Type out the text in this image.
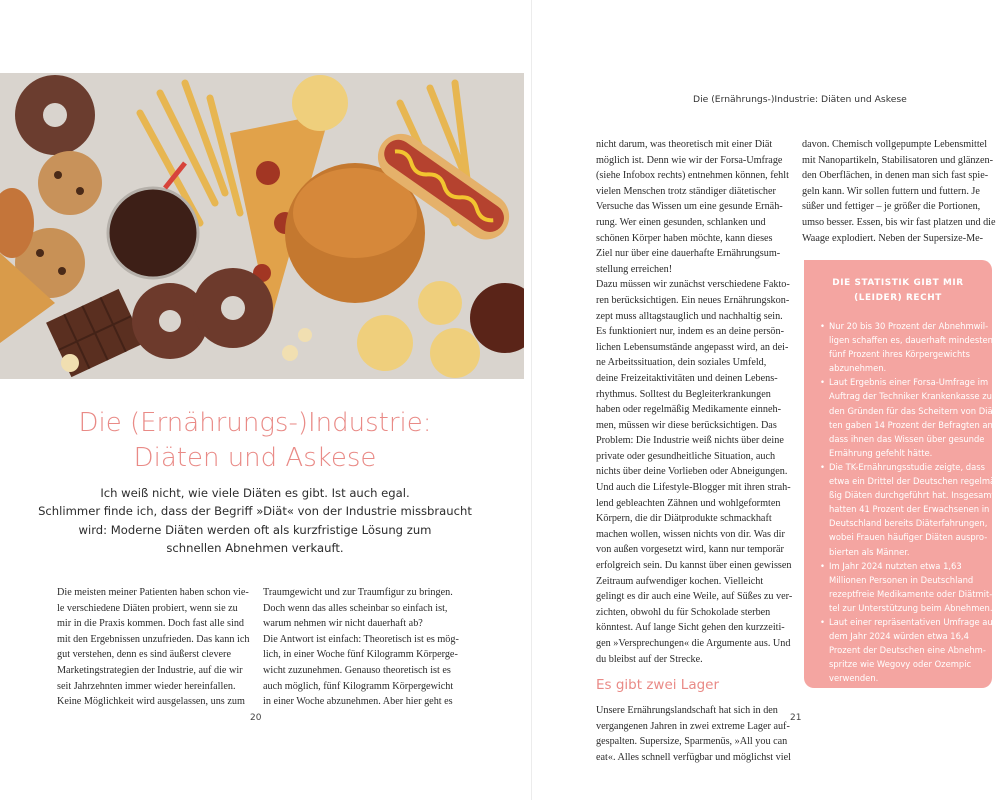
Die (Ernährungs-)Industrie:
Diäten und Askese

Ich weiß nicht, wie viele Diäten es gibt. Ist auch egal.
Schlimmer finde ich, dass der Begriff »Diät« von der Industrie missbraucht
wird: Moderne Diäten werden oft als kurzfristige Lösung zum
schnellen Abnehmen verkauft.

Die meisten meiner Patienten haben schon vie-
le verschiedene Diäten probiert, wenn sie zu
mir in die Praxis kommen. Doch fast alle sind
mit den Ergebnissen unzufrieden. Das kann ich
gut verstehen, denn es sind äußerst clevere
Marketingstrategien der Industrie, auf die wir
seit Jahrzehnten immer wieder hereinfallen.
Keine Möglichkeit wird ausgelassen, uns zum
Traumgewicht und zur Traumfigur zu bringen.
Doch wenn das alles scheinbar so einfach ist,
warum nehmen wir nicht dauerhaft ab?
Die Antwort ist einfach: Theoretisch ist es mög-
lich, in einer Woche fünf Kilogramm Körperge-
wicht zuzunehmen. Genauso theoretisch ist es
auch möglich, fünf Kilogramm Körpergewicht
in einer Woche abzunehmen. Aber hier geht es
20
Die (Ernährungs-)Industrie: Diäten und Askese
nicht darum, was theoretisch mit einer Diät
möglich ist. Denn wie wir der Forsa-Umfrage
(siehe Infobox rechts) entnehmen können, fehlt
vielen Menschen trotz ständiger diätetischer
Versuche das Wissen um eine gesunde Ernäh-
rung. Wer einen gesunden, schlanken und
schönen Körper haben möchte, kann dieses
Ziel nur über eine dauerhafte Ernährungsum-
stellung erreichen!
Dazu müssen wir zunächst verschiedene Fakto-
ren berücksichtigen. Ein neues Ernährungskon-
zept muss alltagstauglich und nachhaltig sein.
Es funktioniert nur, indem es an deine persön-
lichen Lebensumstände angepasst wird, an dei-
ne Arbeitssituation, dein soziales Umfeld,
deine Freizeitaktivitäten und deinen Lebens-
rhythmus. Solltest du Begleiterkrankungen
haben oder regelmäßig Medikamente einneh-
men, müssen wir diese berücksichtigen. Das
Problem: Die Industrie weiß nichts über deine
private oder gesundheitliche Situation, auch
nichts über deine Vorlieben oder Abneigungen.
Und auch die Lifestyle-Blogger mit ihren strah-
lend gebleachten Zähnen und wohlgeformten
Körpern, die dir Diätprodukte schmackhaft
machen wollen, wissen nichts von dir. Was dir
von außen vorgesetzt wird, kann nur temporär
erfolgreich sein. Du kannst über einen gewissen
Zeitraum aufwendiger kochen. Vielleicht
gelingt es dir auch eine Weile, auf Süßes zu ver-
zichten, obwohl du für Schokolade sterben
könntest. Auf lange Sicht gehen den kurzzeiti-
gen »Versprechungen« die Argumente aus. Und
du bleibst auf der Strecke.
Es gibt zwei Lager
Unsere Ernährungslandschaft hat sich in den
vergangenen Jahren in zwei extreme Lager auf-
gespalten. Supersize, Sparmenüs, »All you can
eat«. Alles schnell verfügbar und möglichst viel
davon. Chemisch vollgepumpte Lebensmittel
mit Nanopartikeln, Stabilisatoren und glänzen-
den Oberflächen, in denen man sich fast spie-
geln kann. Wir sollen futtern und futtern. Je
süßer und fettiger – je größer die Portionen,
umso besser. Essen, bis wir fast platzen und die
Waage explodiert. Neben der Supersize-Me-
DIE STATISTIK GIBT MIR
(LEIDER) RECHT
• Nur 20 bis 30 Prozent der Abnehmwil-
ligen schaffen es, dauerhaft mindestens
fünf Prozent ihres Körpergewichts
abzunehmen.
• Laut Ergebnis einer Forsa-Umfrage im
Auftrag der Techniker Krankenkasse zu
den Gründen für das Scheitern von Diä-
ten gaben 14 Prozent der Befragten an,
dass ihnen das Wissen über gesunde
Ernährung gefehlt hätte.
• Die TK-Ernährungsstudie zeigte, dass
etwa ein Drittel der Deutschen regelmä-
ßig Diäten durchgeführt hat. Insgesamt
hatten 41 Prozent der Erwachsenen in
Deutschland bereits Diäterfahrungen,
wobei Frauen häufiger Diäten auspro-
bierten als Männer.
• Im Jahr 2024 nutzten etwa 1,63
Millionen Personen in Deutschland
rezeptfreie Medikamente oder Diätmit-
tel zur Unterstützung beim Abnehmen.
• Laut einer repräsentativen Umfrage aus
dem Jahr 2024 würden etwa 16,4
Prozent der Deutschen eine Abnehm-
spritze wie Wegovy oder Ozempic
verwenden.
21
